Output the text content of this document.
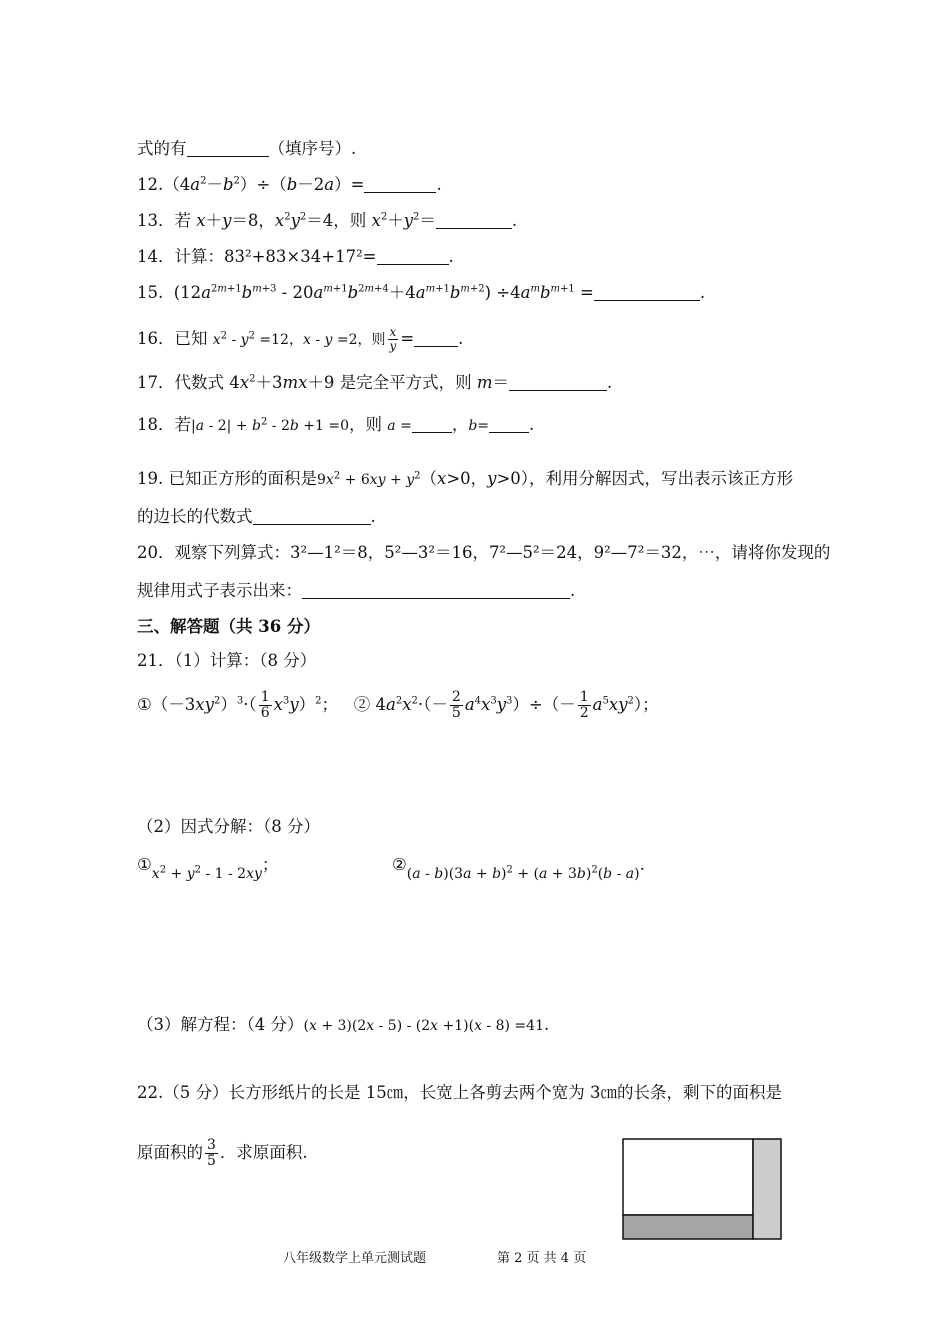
式的有	（填序号）.
$12.(4a^2-b^2)\div(b-2a)=$	.
13．若 x＋y＝8，$x^2y^2=4$，则 $x^2+y^2=$	.
14．计算：83²+83×34+17²=	.
15.  $(12a^{2m+1}b^{m+3} - 20a^{m+1}b^{2m+4}+4a^{m+1}b^{m+2}) \div 4a^mb^{m+1}$ =	.
16．已知 $x^2 - y^2 =12$，x - y =2，则 $\frac{x}{y}$ =	.
17．代数式 $4x^2+3mx+9$ 是完全平方式，则 m＝	.
18．若$|a - 2| + b^2 - 2b +1 =0$，则 a = ，b= .
19. 已知正方形的面积是$9x^2 + 6xy + y^2(x>0$，y>0），利用分解因式，写出表示该正方形
的边长的代数式	.
20．观察下列算式：3²—1²＝8，5²—3²＝16，7²—5²＝24，9²—7²＝32，⋯，请将你发现的
规律用式子表示出来：	.
三、解答题（共 36 分）
21．（1）计算：（8 分）
$①(-3xy^2)^3\cdot( \frac{1}{6} x^3y)^2$；   ② $4a^2x^2\cdot(- \frac{2}{5} a^4x^3y^3)\div(- \frac{1}{2} a^5xy^2)$；
（2）因式分解：（8 分）
$①_{x^2 + y^2 - 1 - 2xy}$；	$②_{(a - b)(3a + b)^2 + (a + 3b)^2(b - a)}$.
（3）解方程：（4 分）(x + 3)(2x - 5) - (2x +1)(x - 8) =41.
22.（5 分）长方形纸片的长是 15㎝，长宽上各剪去两个宽为 3㎝的长条，剩下的面积是
原面积的 $\frac{3}{5}$ ．求原面积.
八年级数学上单元测试题	第 2 页 共 4 页
